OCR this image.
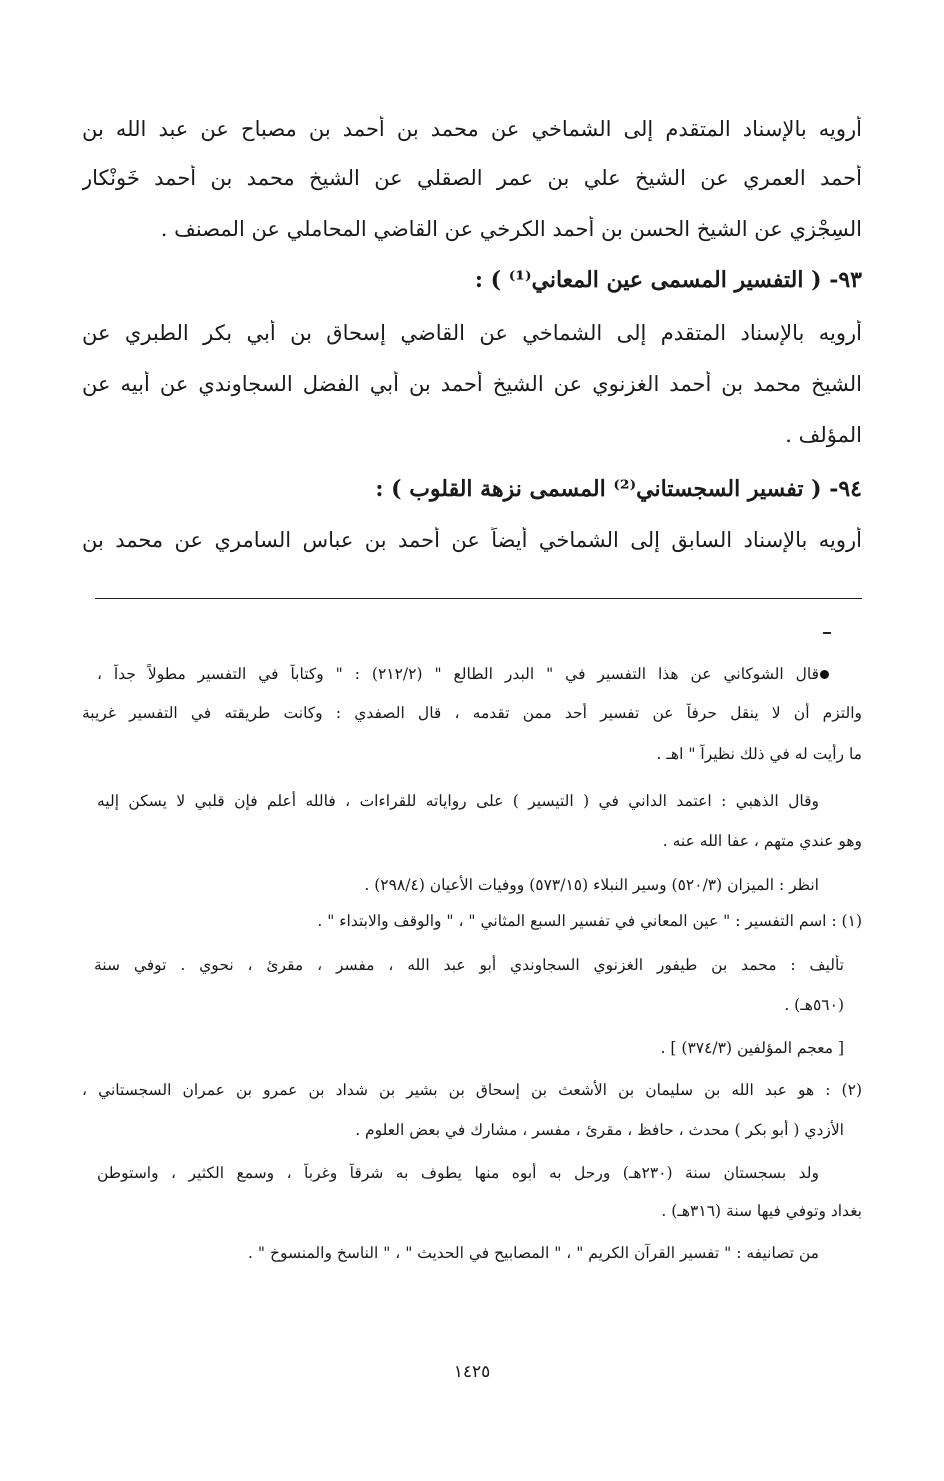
أرويه بالإسناد المتقدم إلى الشماخي عن محمد بن أحمد بن مصباح عن عبد الله بن
أحمد العمري عن الشيخ علي بن عمر الصقلي عن الشيخ محمد بن أحمد خَونْكار
السِجْزي عن الشيخ الحسن بن أحمد الكرخي عن القاضي المحاملي عن المصنف .
٩٣- ( التفسير المسمى عين المعاني⁽¹⁾ ) :
أرويه بالإسناد المتقدم إلى الشماخي عن القاضي إسحاق بن أبي بكر الطبري عن
الشيخ محمد بن أحمد الغزنوي عن الشيخ أحمد بن أبي الفضل السجاوندي عن أبيه عن
المؤلف .
٩٤- ( تفسير السجستاني⁽²⁾ المسمى نزهة القلوب ) :
أرويه بالإسناد السابق إلى الشماخي أيضاً عن أحمد بن عباس السامري عن محمد بن
قال الشوكاني عن هذا التفسير في " البدر الطالع " (٢١٢/٢) : " وكتاباً في التفسير مطولاً جداً ،
والتزم أن لا ينقل حرفاً عن تفسير أحد ممن تقدمه ، قال الصفدي : وكانت طريقته في التفسير غريبة
ما رأيت له في ذلك نظيراً " اهـ .
وقال الذهبي : اعتمد الداني في ( التيسير ) على رواياته للقراءات ، فالله أعلم فإن قلبي لا يسكن إليه
وهو عندي متهم ، عفا الله عنه .
انظر : الميزان (٥٢٠/٣) وسير النبلاء (٥٧٣/١٥) ووفيات الأعيان (٢٩٨/٤) .
(١) : اسم التفسير : " عين المعاني في تفسير السبع المثاني " ، " والوقف والابتداء " .
تأليف : محمد بن طيفور الغزنوي السجاوندي أبو عبد الله ، مفسر ، مقرئ ، نحوي . توفي سنة
(٥٦٠هـ) .
[ معجم المؤلفين (٣٧٤/٣) ] .
(٢) : هو عبد الله بن سليمان بن الأشعث بن إسحاق بن بشير بن شداد بن عمرو بن عمران السجستاني ،
الأزدي ( أبو بكر ) محدث ، حافظ ، مقرئ ، مفسر ، مشارك في بعض العلوم .
ولد بسجستان سنة (٢٣٠هـ) ورحل به أبوه منها يطوف به شرقاً وغرباً ، وسمع الكثير ، واستوطن
بغداد وتوفي فيها سنة (٣١٦هـ) .
من تصانيفه : " تفسير القرآن الكريم " ، " المصابيح في الحديث " ، " الناسخ والمنسوخ " .
١٤٢٥
